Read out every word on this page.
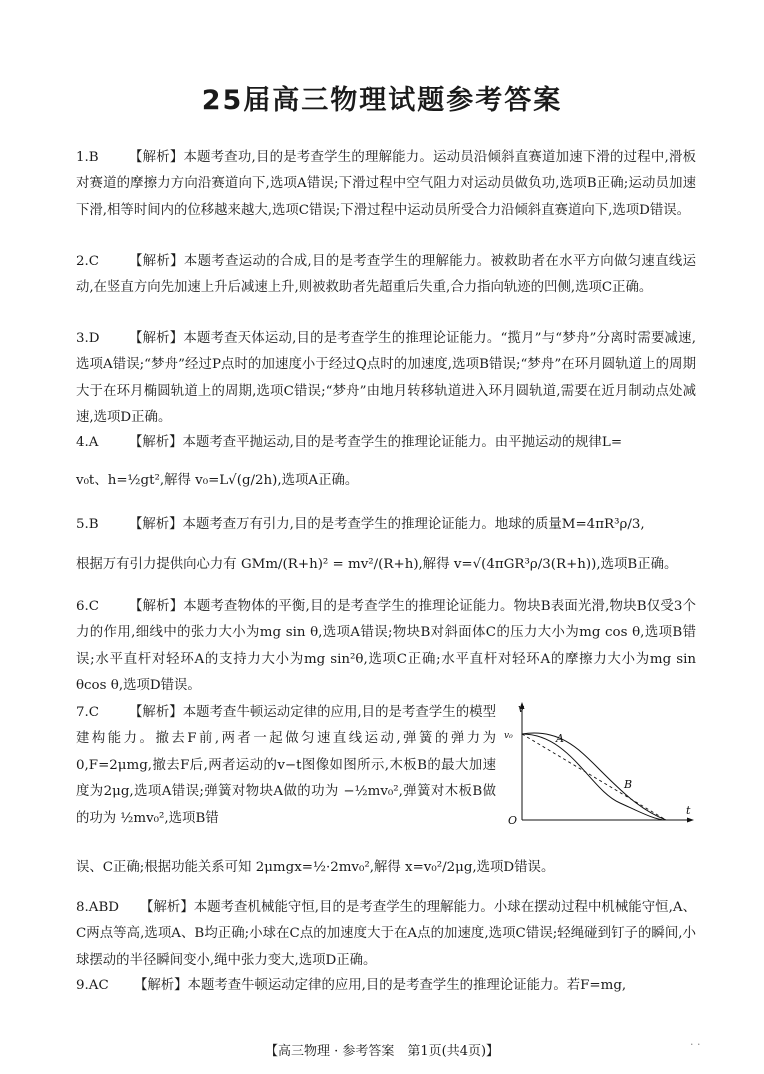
25届高三物理试题参考答案
1.B	【解析】本题考查功,目的是考查学生的理解能力。运动员沿倾斜直赛道加速下滑的过程中,滑板对赛道的摩擦力方向沿赛道向下,选项A错误;下滑过程中空气阻力对运动员做负功,选项B正确;运动员加速下滑,相等时间内的位移越来越大,选项C错误;下滑过程中运动员所受合力沿倾斜直赛道向下,选项D错误。
2.C	【解析】本题考查运动的合成,目的是考查学生的理解能力。被救助者在水平方向做匀速直线运动,在竖直方向先加速上升后减速上升,则被救助者先超重后失重,合力指向轨迹的凹侧,选项C正确。
3.D	【解析】本题考查天体运动,目的是考查学生的推理论证能力。“揽月”与“梦舟”分离时需要减速,选项A错误;“梦舟”经过P点时的加速度小于经过Q点时的加速度,选项B错误;“梦舟”在环月圆轨道上的周期大于在环月椭圆轨道上的周期,选项C错误;“梦舟”由地月转移轨道进入环月圆轨道,需要在近月制动点处减速,选项D正确。
4.A	【解析】本题考查平抛运动,目的是考查学生的推理论证能力。由平抛运动的规律L=
v₀t、h=½gt²,解得 v₀=L√(g/2h),选项A正确。
5.B	【解析】本题考查万有引力,目的是考查学生的推理论证能力。地球的质量M=4πR³ρ/3,
根据万有引力提供向心力有 GMm/(R+h)² = mv²/(R+h),解得 v=√(4πGR³ρ/3(R+h)),选项B正确。
6.C	【解析】本题考查物体的平衡,目的是考查学生的推理论证能力。物块B表面光滑,物块B仅受3个力的作用,细线中的张力大小为mg sin θ,选项A错误;物块B对斜面体C的压力大小为mg cos θ,选项B错误;水平直杆对轻环A的支持力大小为mg sin²θ,选项C正确;水平直杆对轻环A的摩擦力大小为mg sin θcos θ,选项D错误。
7.C	【解析】本题考查牛顿运动定律的应用,目的是考查学生的模型建构能力。撤去F前,两者一起做匀速直线运动,弹簧的弹力为0,F=2μmg,撤去F后,两者运动的v−t图像如图所示,木板B的最大加速度为2μg,选项A错误;弹簧对物块A做的功为 −½mv₀²,弹簧对木板B做的功为 ½mv₀²,选项B错
误、C正确;根据功能关系可知 2μmgx=½·2mv₀²,解得 x=v₀²/2μg,选项D错误。
v
t
O
v₀	A
B
8.ABD	【解析】本题考查机械能守恒,目的是考查学生的理解能力。小球在摆动过程中机械能守恒,A、C两点等高,选项A、B均正确;小球在C点的加速度大于在A点的加速度,选项C错误;轻绳碰到钉子的瞬间,小球摆动的半径瞬间变小,绳中张力变大,选项D正确。
9.AC	【解析】本题考查牛顿运动定律的应用,目的是考查学生的推理论证能力。若F=mg,
【高三物理 · 参考答案　第1页(共4页)】	· ·
